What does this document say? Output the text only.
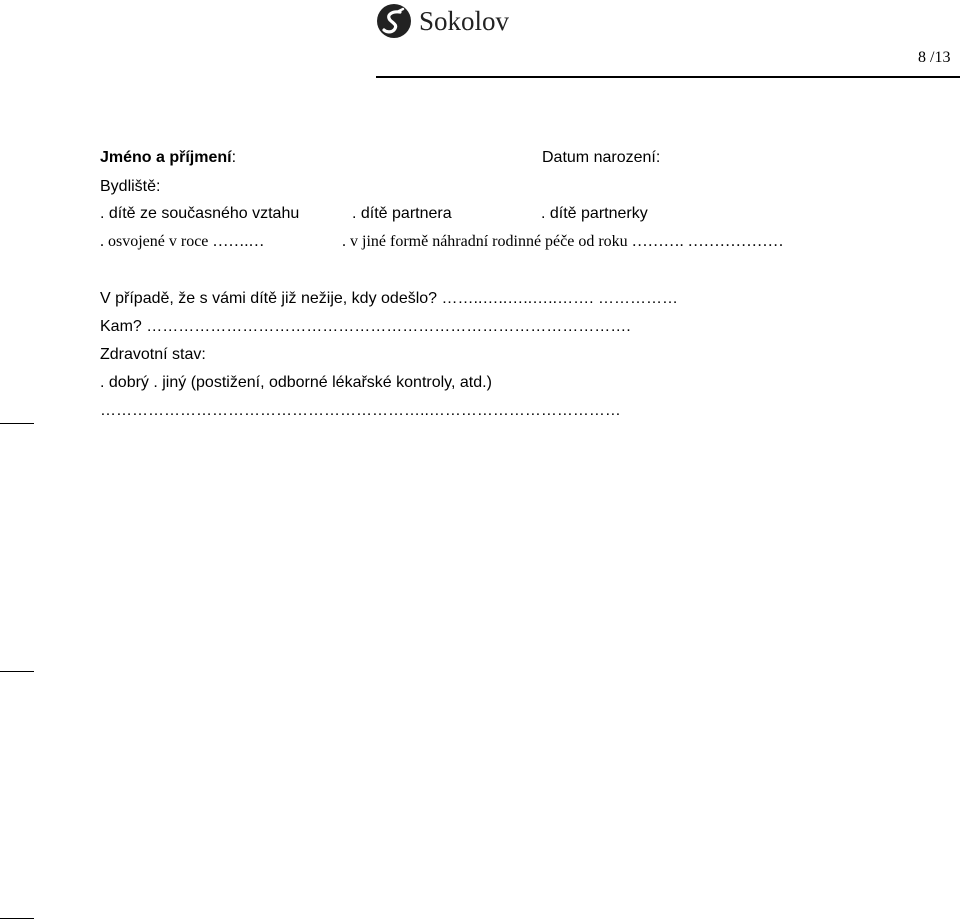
Sokolov
8 /13
Jméno a příjmení:	Datum narození:
Bydliště:
. dítě ze současného vztahu	. dítě partnera	. dítě partnerky
. osvojené v roce …….…	. v jiné formě náhradní rodinné péče od roku ………. ………………
V případě, že s vámi dítě již nežije, kdy odešlo? ……..…..…..…..……. ……………
Kam? ……………………………………………………………………………….
Zdravotní stav:
. dobrý . jiný (postižení, odborné lékařské kontroly, atd.)
……………………………………………………..………………………………
